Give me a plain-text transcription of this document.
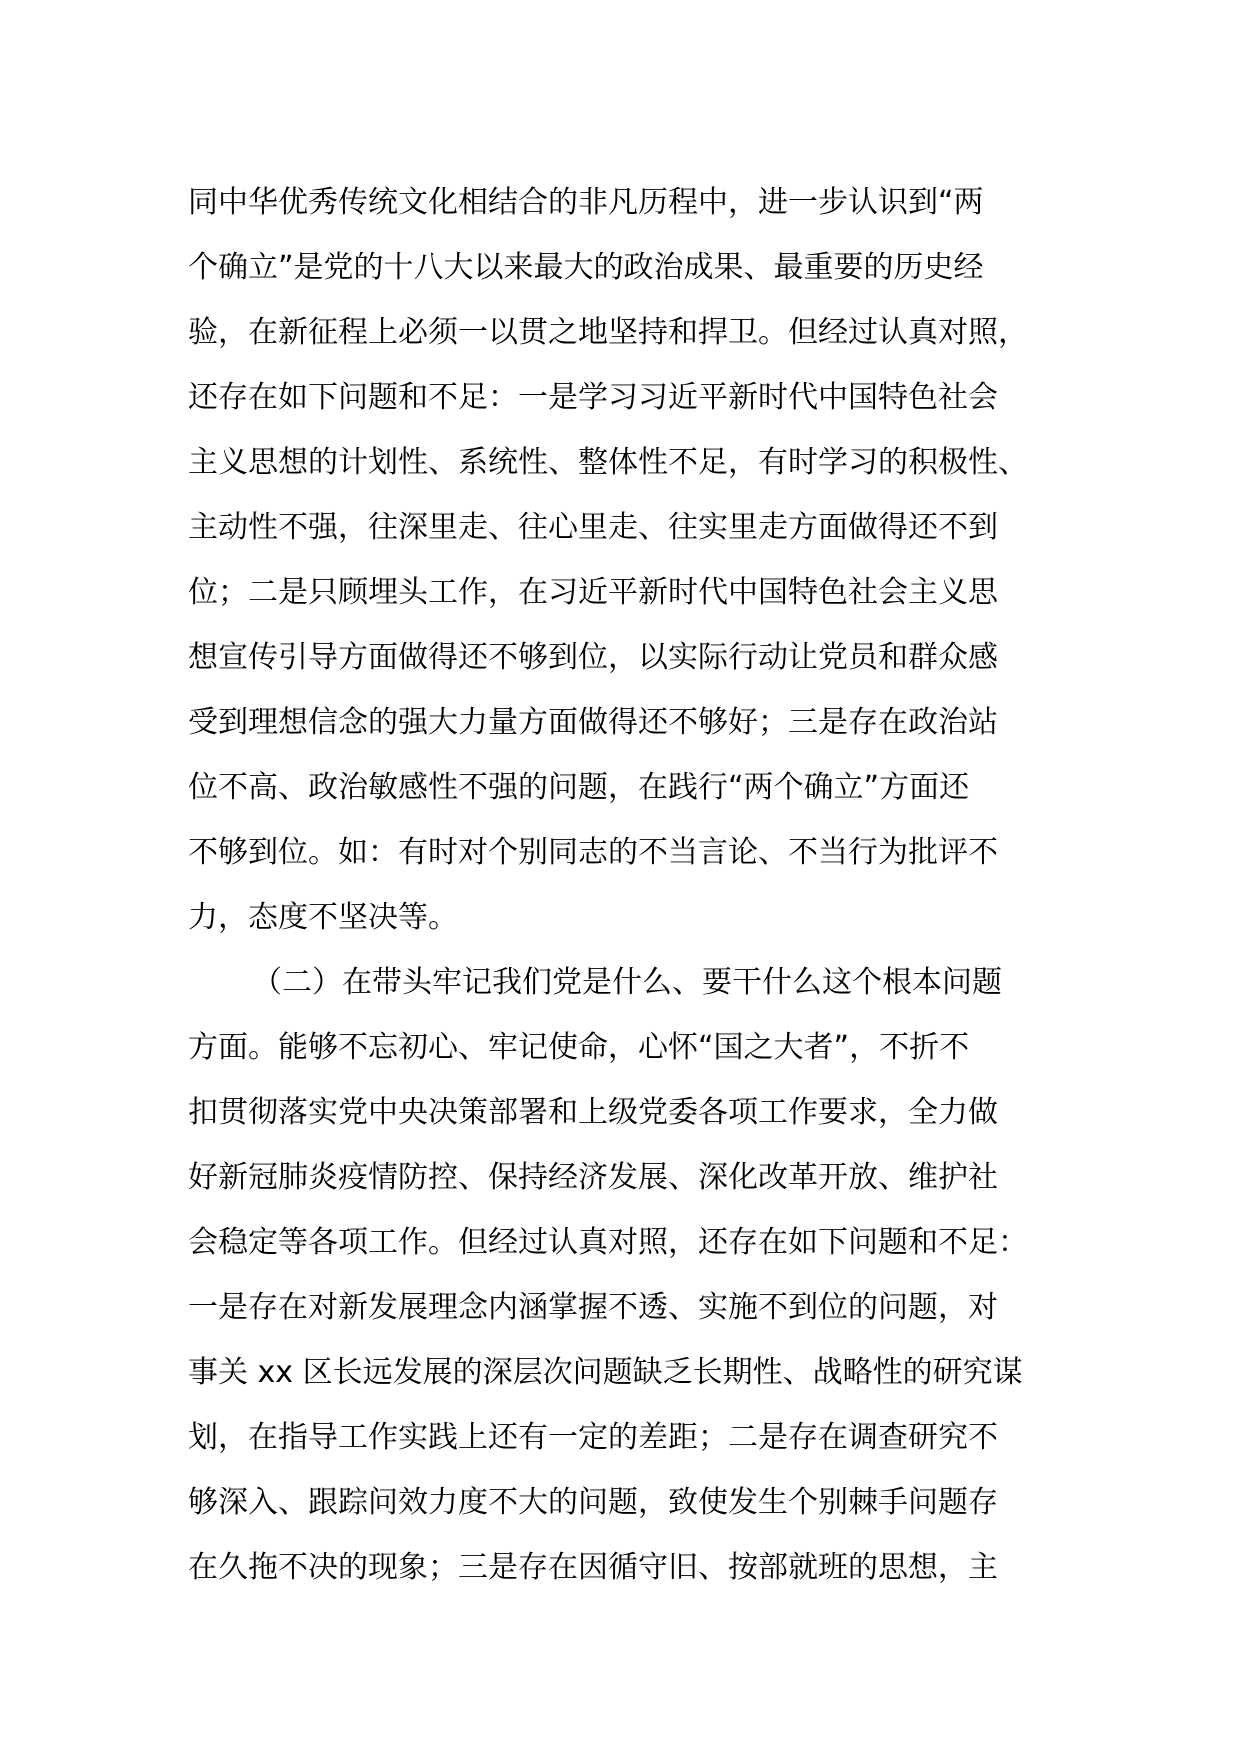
同中华优秀传统文化相结合的非凡历程中，进一步认识到“两
个确立”是党的十八大以来最大的政治成果、最重要的历史经
验，在新征程上必须一以贯之地坚持和捍卫。但经过认真对照，
还存在如下问题和不足：一是学习习近平新时代中国特色社会
主义思想的计划性、系统性、整体性不足，有时学习的积极性、
主动性不强，往深里走、往心里走、往实里走方面做得还不到
位；二是只顾埋头工作，在习近平新时代中国特色社会主义思
想宣传引导方面做得还不够到位，以实际行动让党员和群众感
受到理想信念的强大力量方面做得还不够好；三是存在政治站
位不高、政治敏感性不强的问题，在践行“两个确立”方面还
不够到位。如：有时对个别同志的不当言论、不当行为批评不
力，态度不坚决等。
（二）在带头牢记我们党是什么、要干什么这个根本问题
方面。能够不忘初心、牢记使命，心怀“国之大者”，不折不
扣贯彻落实党中央决策部署和上级党委各项工作要求，全力做
好新冠肺炎疫情防控、保持经济发展、深化改革开放、维护社
会稳定等各项工作。但经过认真对照，还存在如下问题和不足：
一是存在对新发展理念内涵掌握不透、实施不到位的问题，对
事关 xx 区长远发展的深层次问题缺乏长期性、战略性的研究谋
划，在指导工作实践上还有一定的差距；二是存在调查研究不
够深入、跟踪问效力度不大的问题，致使发生个别棘手问题存
在久拖不决的现象；三是存在因循守旧、按部就班的思想，主
